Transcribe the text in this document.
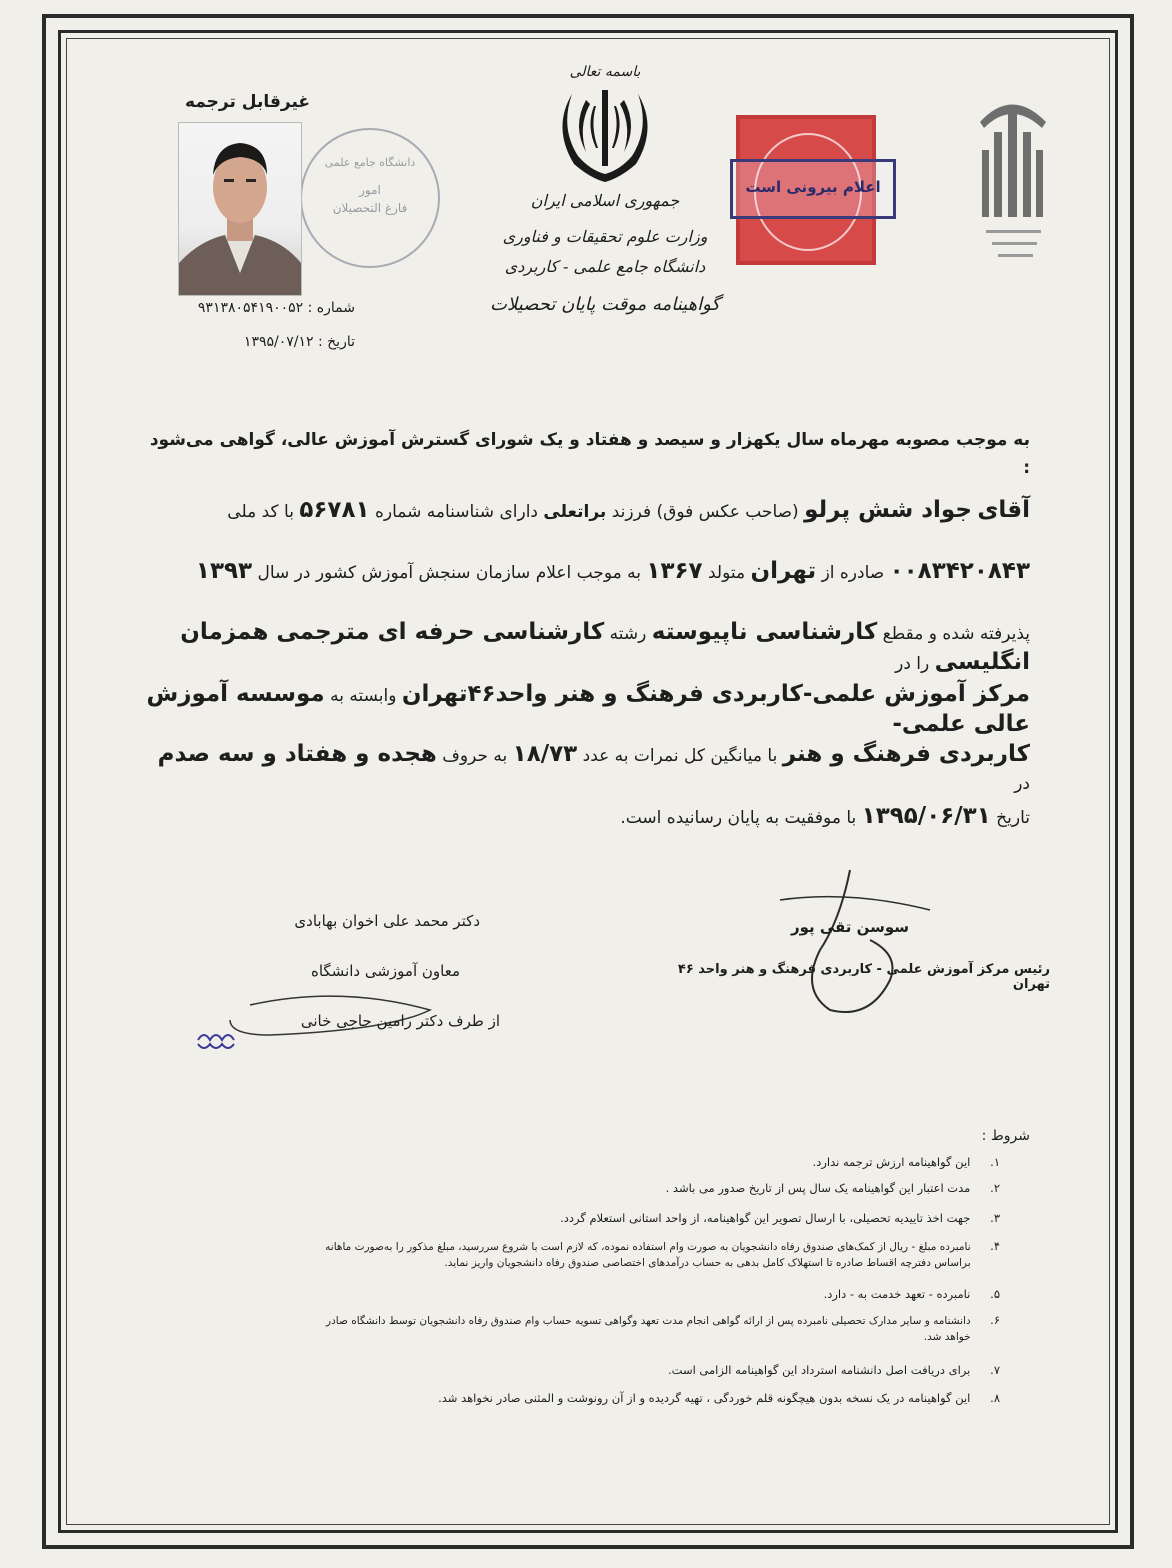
اعلام بیرونی است
باسمه تعالی
جمهوری اسلامی ایران
وزارت علوم تحقیقات و فناوری
دانشگاه جامع علمی - کاربردی
گواهینامه موقت پایان تحصیلات
غیرقابل ترجمه
دانشگاه جامع علمی
امور
فارغ التحصیلان
شماره : ۹۳۱۳۸۰۵۴۱۹۰۰۵۲
تاریخ : ۱۳۹۵/۰۷/۱۲
به موجب مصوبه مهرماه سال یکهزار و سیصد و هفتاد و یک شورای گسترش آموزش عالی، گواهی می‌شود :
آقای جواد شش پرلو (صاحب عکس فوق) فرزند براتعلی دارای شناسنامه شماره ۵۶۷۸۱ با کد ملی
۰۰۸۳۴۲۰۸۴۳ صادره از تهران متولد ۱۳۶۷ به موجب اعلام سازمان سنجش آموزش کشور در سال ۱۳۹۳
پذیرفته شده و مقطع کارشناسی ناپیوسته رشته کارشناسی حرفه ای مترجمی همزمان انگلیسی را در
مرکز آموزش علمی-کاربردی فرهنگ و هنر واحد۴۶تهران وابسته به موسسه آموزش عالی علمی-
کاربردی فرهنگ و هنر با میانگین کل نمرات به عدد ۱۸/۷۳ به حروف هجده و هفتاد و سه صدم در
تاریخ ۱۳۹۵/۰۶/۳۱ با موفقیت به پایان رسانیده است.
سوسن تقی پور
رئیس مرکز آموزش علمی - کاربردی فرهنگ و هنر واحد ۴۶ تهران
دکتر محمد علی اخوان بهابادی
معاون آموزشی دانشگاه
از طرف دکتر رامین حاجی خانی
شروط :
۱. این گواهینامه ارزش ترجمه ندارد.
۲. مدت اعتبار این گواهینامه یک سال پس از تاریخ صدور می باشد .
۳. جهت اخذ تاییدیه تحصیلی، با ارسال تصویر این گواهینامه، از واحد استانی استعلام گردد.
۴. نامبرده مبلغ - ریال از کمک‌های صندوق رفاه دانشجویان به صورت وام استفاده نموده، که لازم است با شروع سررسید، مبلغ مذکور را به‌صورت ماهانه
براساس دفترچه اقساط صادره تا استهلاک کامل بدهی به حساب درآمدهای اختصاصی صندوق رفاه دانشجویان واریز نماید.
۵. نامبرده - تعهد خدمت به - دارد.
۶. دانشنامه و سایر مدارک تحصیلی نامبرده پس از ارائه گواهی انجام مدت تعهد وگواهی تسویه حساب وام صندوق رفاه دانشجویان توسط دانشگاه صادر
خواهد شد.
۷. برای دریافت اصل دانشنامه استرداد این گواهینامه الزامی است.
۸. این گواهینامه در یک نسخه بدون هیچگونه قلم خوردگی ، تهیه گردیده و از آن رونوشت و المثنی صادر نخواهد شد.
